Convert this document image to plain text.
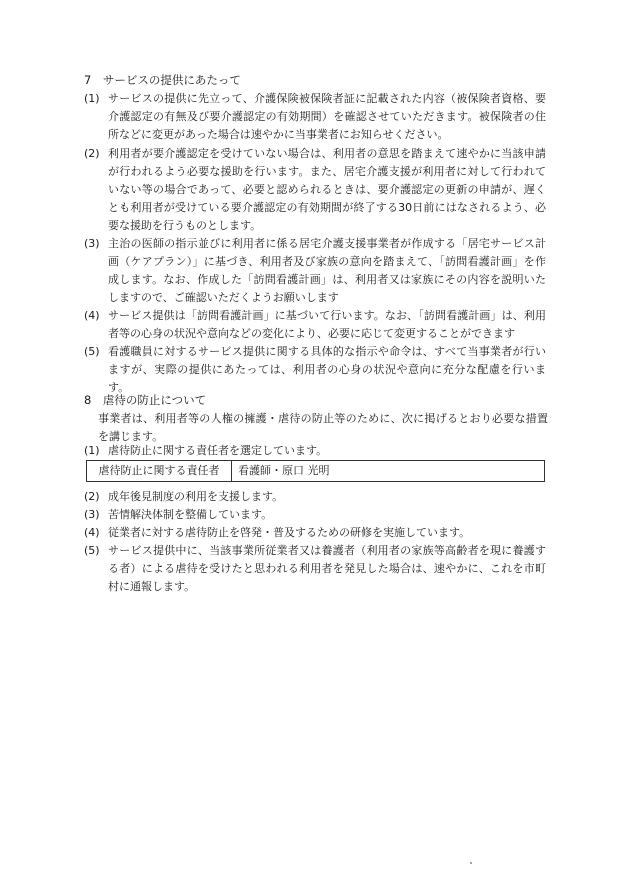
7　サービスの提供にあたって
(1) サービスの提供に先立って、介護保険被保険者証に記載された内容（被保険者資格、要介護認定の有無及び要介護認定の有効期間）を確認させていただきます。被保険者の住所などに変更があった場合は速やかに当事業者にお知らせください。
(2) 利用者が要介護認定を受けていない場合は、利用者の意思を踏まえて速やかに当該申請が行われるよう必要な援助を行います。また、居宅介護支援が利用者に対して行われていない等の場合であって、必要と認められるときは、要介護認定の更新の申請が、遅くとも利用者が受けている要介護認定の有効期間が終了する30日前にはなされるよう、必要な援助を行うものとします。
(3) 主治の医師の指示並びに利用者に係る居宅介護支援事業者が作成する「居宅サービス計画（ケアプラン）」に基づき、利用者及び家族の意向を踏まえて、「訪問看護計画」を作成します。なお、作成した「訪問看護計画」は、利用者又は家族にその内容を説明いたしますので、ご確認いただくようお願いします
(4) サービス提供は「訪問看護計画」に基づいて行います。なお、「訪問看護計画」は、利用者等の心身の状況や意向などの変化により、必要に応じて変更することができます
(5) 看護職員に対するサービス提供に関する具体的な指示や命令は、すべて当事業者が行いますが、実際の提供にあたっては、利用者の心身の状況や意向に充分な配慮を行います。
8　虐待の防止について
事業者は、利用者等の人権の擁護・虐待の防止等のために、次に掲げるとおり必要な措置を講じます。
(1) 虐待防止に関する責任者を選定しています。
虐待防止に関する責任者	看護師・原口 光明
(2) 成年後見制度の利用を支援します。
(3) 苦情解決体制を整備しています。
(4) 従業者に対する虐待防止を啓発・普及するための研修を実施しています。
(5) サービス提供中に、当該事業所従業者又は養護者（利用者の家族等高齢者を現に養護する者）による虐待を受けたと思われる利用者を発見した場合は、速やかに、これを市町村に通報します。
